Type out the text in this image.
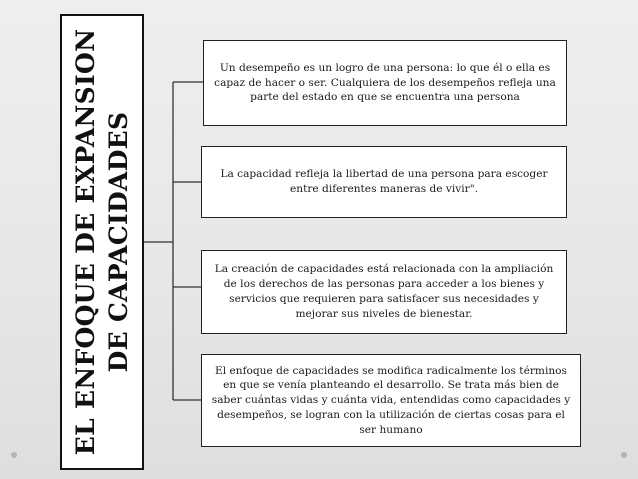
EL ENFOQUE DE EXPANSION DE CAPACIDADES
Un desempeño es un logro de una persona: lo que él o ella es capaz de hacer o ser. Cualquiera de los desempeños refleja una parte del estado en que se encuentra una persona
La capacidad refleja la libertad de una persona para escoger entre diferentes maneras de vivir".
La creación de capacidades está relacionada con la ampliación de los derechos de las personas para acceder a los bienes y servicios que requieren para satisfacer sus necesidades y mejorar sus niveles de bienestar.
El enfoque de capacidades se modifica radicalmente los términos en que se venía planteando el desarrollo. Se trata más bien de saber cuántas vidas y cuánta vida, entendidas como capacidades y desempeños, se logran con la utilización de ciertas cosas para el ser humano
